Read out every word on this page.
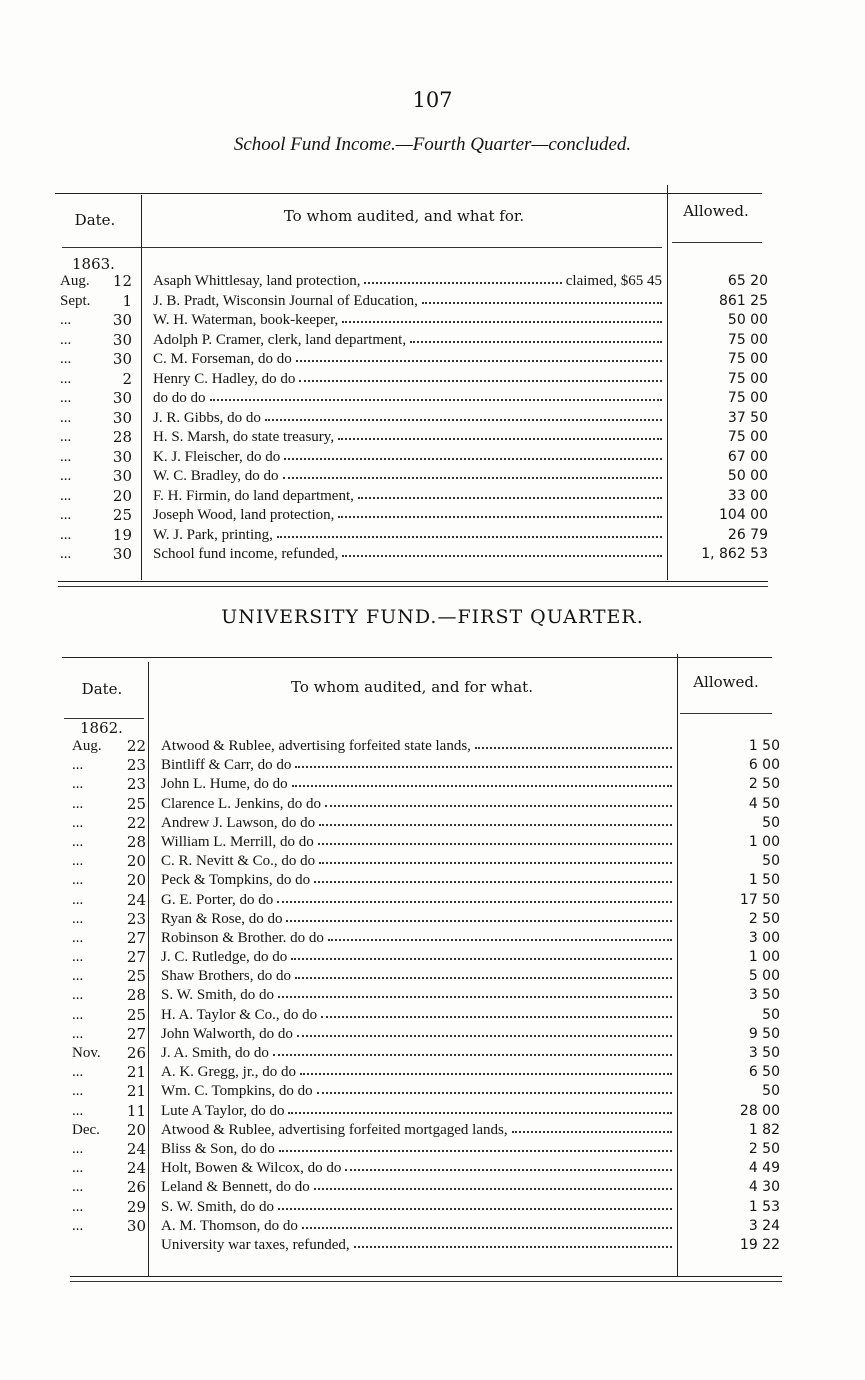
107
School Fund Income.—Fourth Quarter—concluded.
Date.	To whom audited, and what for.	Allowed.
1863.
Aug.	12 Asaph Whittlesay, land protection,	claimed, $65 45	65 20
Sept.	1 J. B. Pradt, Wisconsin Journal of Education,	861 25
...	30 W. H. Waterman, book-keeper,	50 00
...	30 Adolph P. Cramer, clerk, land department,	75 00
...	30 C. M. Forseman, do do	75 00
...	2 Henry C. Hadley, do do	75 00
...	30 do do do	75 00
...	30 J. R. Gibbs, do do	37 50
...	28 H. S. Marsh, do state treasury,	75 00
...	30 K. J. Fleischer, do do	67 00
...	30 W. C. Bradley, do do	50 00
...	20 F. H. Firmin, do land department,	33 00
...	25 Joseph Wood, land protection,	104 00
...	19 W. J. Park, printing,	26 79
...	30 School fund income, refunded,	1, 862 53
UNIVERSITY FUND.—FIRST QUARTER.
Date.	To whom audited, and for what.	Allowed.
1862.
Aug.	22 Atwood & Rublee, advertising forfeited state lands,	1 50
...	23 Bintliff & Carr, do do	6 00
...	23 John L. Hume, do do	2 50
...	25 Clarence L. Jenkins, do do	4 50
...	22 Andrew J. Lawson, do do	50
...	28 William L. Merrill, do do	1 00
...	20 C. R. Nevitt & Co., do do	50
...	20 Peck & Tompkins, do do	1 50
...	24 G. E. Porter, do do	17 50
...	23 Ryan & Rose, do do	2 50
...	27 Robinson & Brother. do do	3 00
...	27 J. C. Rutledge, do do	1 00
...	25 Shaw Brothers, do do	5 00
...	28 S. W. Smith, do do	3 50
...	25 H. A. Taylor & Co., do do	50
...	27 John Walworth, do do	9 50
Nov.	26 J. A. Smith, do do	3 50
...	21 A. K. Gregg, jr., do do	6 50
...	21 Wm. C. Tompkins, do do	50
...	11 Lute A Taylor, do do	28 00
Dec.	20 Atwood & Rublee, advertising forfeited mortgaged lands,	1 82
...	24 Bliss & Son, do do	2 50
...	24 Holt, Bowen & Wilcox, do do	4 49
...	26 Leland & Bennett, do do	4 30
...	29 S. W. Smith, do do	1 53
...	30 A. M. Thomson, do do	3 24
University war taxes, refunded,	19 22
